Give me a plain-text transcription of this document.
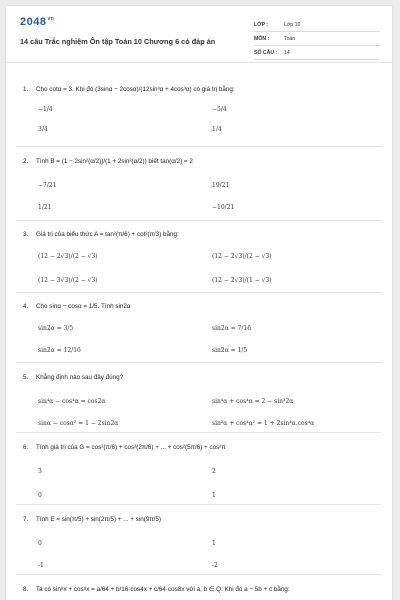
$2048^{vn}$
14 câu Trắc nghiệm Ôn tập Toán 10 Chương 6 có đáp án
LỚP :	Lớp 10
MÔN :	Toán
SỐ CÂU :	14
1. Cho cotα = 3. Khi đó (3sinα − 2cosα)/(12sin³α + 4cos³α) có giá trị bằng:
−1/4	−5/4
3/4	1/4
2. Tính B = (1 − 2sin²(α/2))/(1 + 2sin²(α/2)) biết tan(α/2) = 2
−7/21	19/21
1/21	−10/21
3. Giá trị của biểu thức A = tan²(π/6) + cot²(π/3) bằng:
(12 − 2√3)/(2 − √3)	(12 − 2√3)/(2 − √3)
(12 − 3√3)/(2 − √3)	(12 − 2√3)/(1 − √3)
4. Cho sinα − cosα = 1/5. Tính sin2α
sin2α = 3/5	sin2α = 7/16
sin2α = 12/16	sin2α = 1/5
5. Khẳng định nào sau đây đúng?
sin⁴α − cos⁴α = cos2α	sin⁴α + cos⁴α = 2 − sin²2α
sinα − cosα² = 1 − 2sin2α	sin²α + cos⁴α² = 1 + 2sin⁴α.cos⁴α
6. Tính giá trị của G = cos²(π/6) + cos²(2π/6) + ... + cos²(5π/6) + cos²π
3	2
0	1
7. Tính E = sin(π/5) + sin(2π/5) + ... + sin(9π/5)
0	1
-1	-2
8. Ta có sin⁸x + cos⁸x = a/64 + b/16·cos4x + c/64·cos8x với a, b ∈ Q. Khi đó a − 5b + c bằng:
